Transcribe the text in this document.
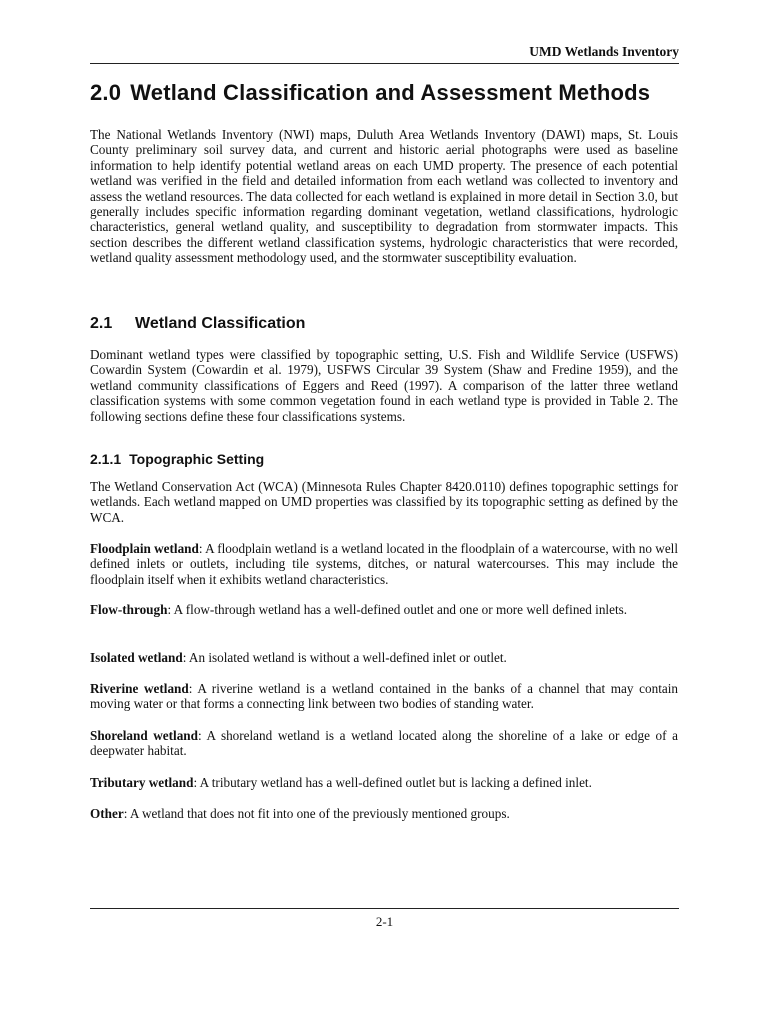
UMD Wetlands Inventory
2.0 Wetland Classification and Assessment Methods

The National Wetlands Inventory (NWI) maps, Duluth Area Wetlands Inventory (DAWI) maps, St. Louis County preliminary soil survey data, and current and historic aerial photographs were used as baseline information to help identify potential wetland areas on each UMD property. The presence of each potential wetland was verified in the field and detailed information from each wetland was collected to inventory and assess the wetland resources. The data collected for each wetland is explained in more detail in Section 3.0, but generally includes specific information regarding dominant vegetation, wetland classifications, hydrologic characteristics, general wetland quality, and susceptibility to degradation from stormwater impacts. This section describes the different wetland classification systems, hydrologic characteristics that were recorded, wetland quality assessment methodology used, and the stormwater susceptibility evaluation.

2.1 Wetland Classification

Dominant wetland types were classified by topographic setting, U.S. Fish and Wildlife Service (USFWS) Cowardin System (Cowardin et al. 1979), USFWS Circular 39 System (Shaw and Fredine 1959), and the wetland community classifications of Eggers and Reed (1997). A comparison of the latter three wetland classification systems with some common vegetation found in each wetland type is provided in Table 2. The following sections define these four classifications systems.

2.1.1 Topographic Setting

The Wetland Conservation Act (WCA) (Minnesota Rules Chapter 8420.0110) defines topographic settings for wetlands. Each wetland mapped on UMD properties was classified by its topographic setting as defined by the WCA.

Floodplain wetland: A floodplain wetland is a wetland located in the floodplain of a watercourse, with no well defined inlets or outlets, including tile systems, ditches, or natural watercourses. This may include the floodplain itself when it exhibits wetland characteristics.

Flow-through: A flow-through wetland has a well-defined outlet and one or more well defined inlets.

Isolated wetland: An isolated wetland is without a well-defined inlet or outlet.

Riverine wetland: A riverine wetland is a wetland contained in the banks of a channel that may contain moving water or that forms a connecting link between two bodies of standing water.

Shoreland wetland: A shoreland wetland is a wetland located along the shoreline of a lake or edge of a deepwater habitat.

Tributary wetland: A tributary wetland has a well-defined outlet but is lacking a defined inlet.

Other: A wetland that does not fit into one of the previously mentioned groups.

2-1
